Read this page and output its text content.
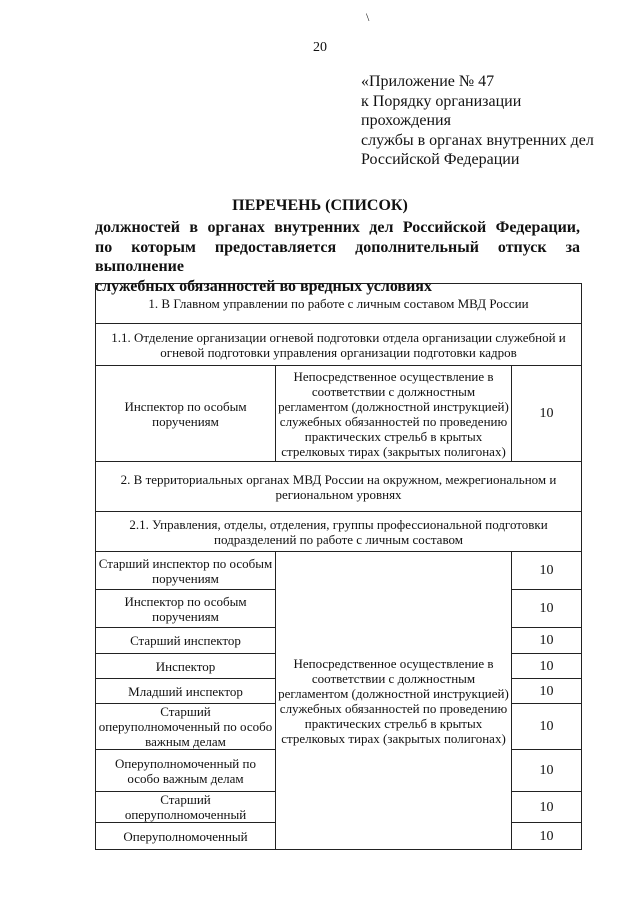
\
20
«Приложение № 47
к Порядку организации
прохождения
службы в органах внутренних дел
Российской Федерации
ПЕРЕЧЕНЬ (СПИСОК)
должностей в органах внутренних дел Российской Федерации,
по которым предоставляется дополнительный отпуск за выполнение
служебных обязанностей во вредных условиях
1. В Главном управлении по работе с личным составом МВД России		
1.1. Отделение организации огневой подготовки отдела организации служебной и огневой подготовки управления организации подготовки кадров		
Инспектор по особым поручениям	Непосредственное осуществление в соответствии с должностным регламентом (должностной инструкцией) служебных обязанностей по проведению практических стрельб в крытых стрелковых тирах (закрытых полигонах)	10
2. В территориальных органах МВД России на окружном, межрегиональном и региональном уровнях		
2.1. Управления, отделы, отделения, группы профессиональной подготовки подразделений по работе с личным составом		
Старший инспектор по особым поручениям	Непосредственное осуществление в соответствии с должностным регламентом (должностной инструкцией) служебных обязанностей по проведению практических стрельб в крытых стрелковых тирах (закрытых полигонах)	10
Инспектор по особым поручениям		10
Старший инспектор		10
Инспектор		10
Младший инспектор		10
Старший оперуполномоченный по особо важным делам		10
Оперуполномоченный по особо важным делам		10
Старший оперуполномоченный		10
Оперуполномоченный		10
